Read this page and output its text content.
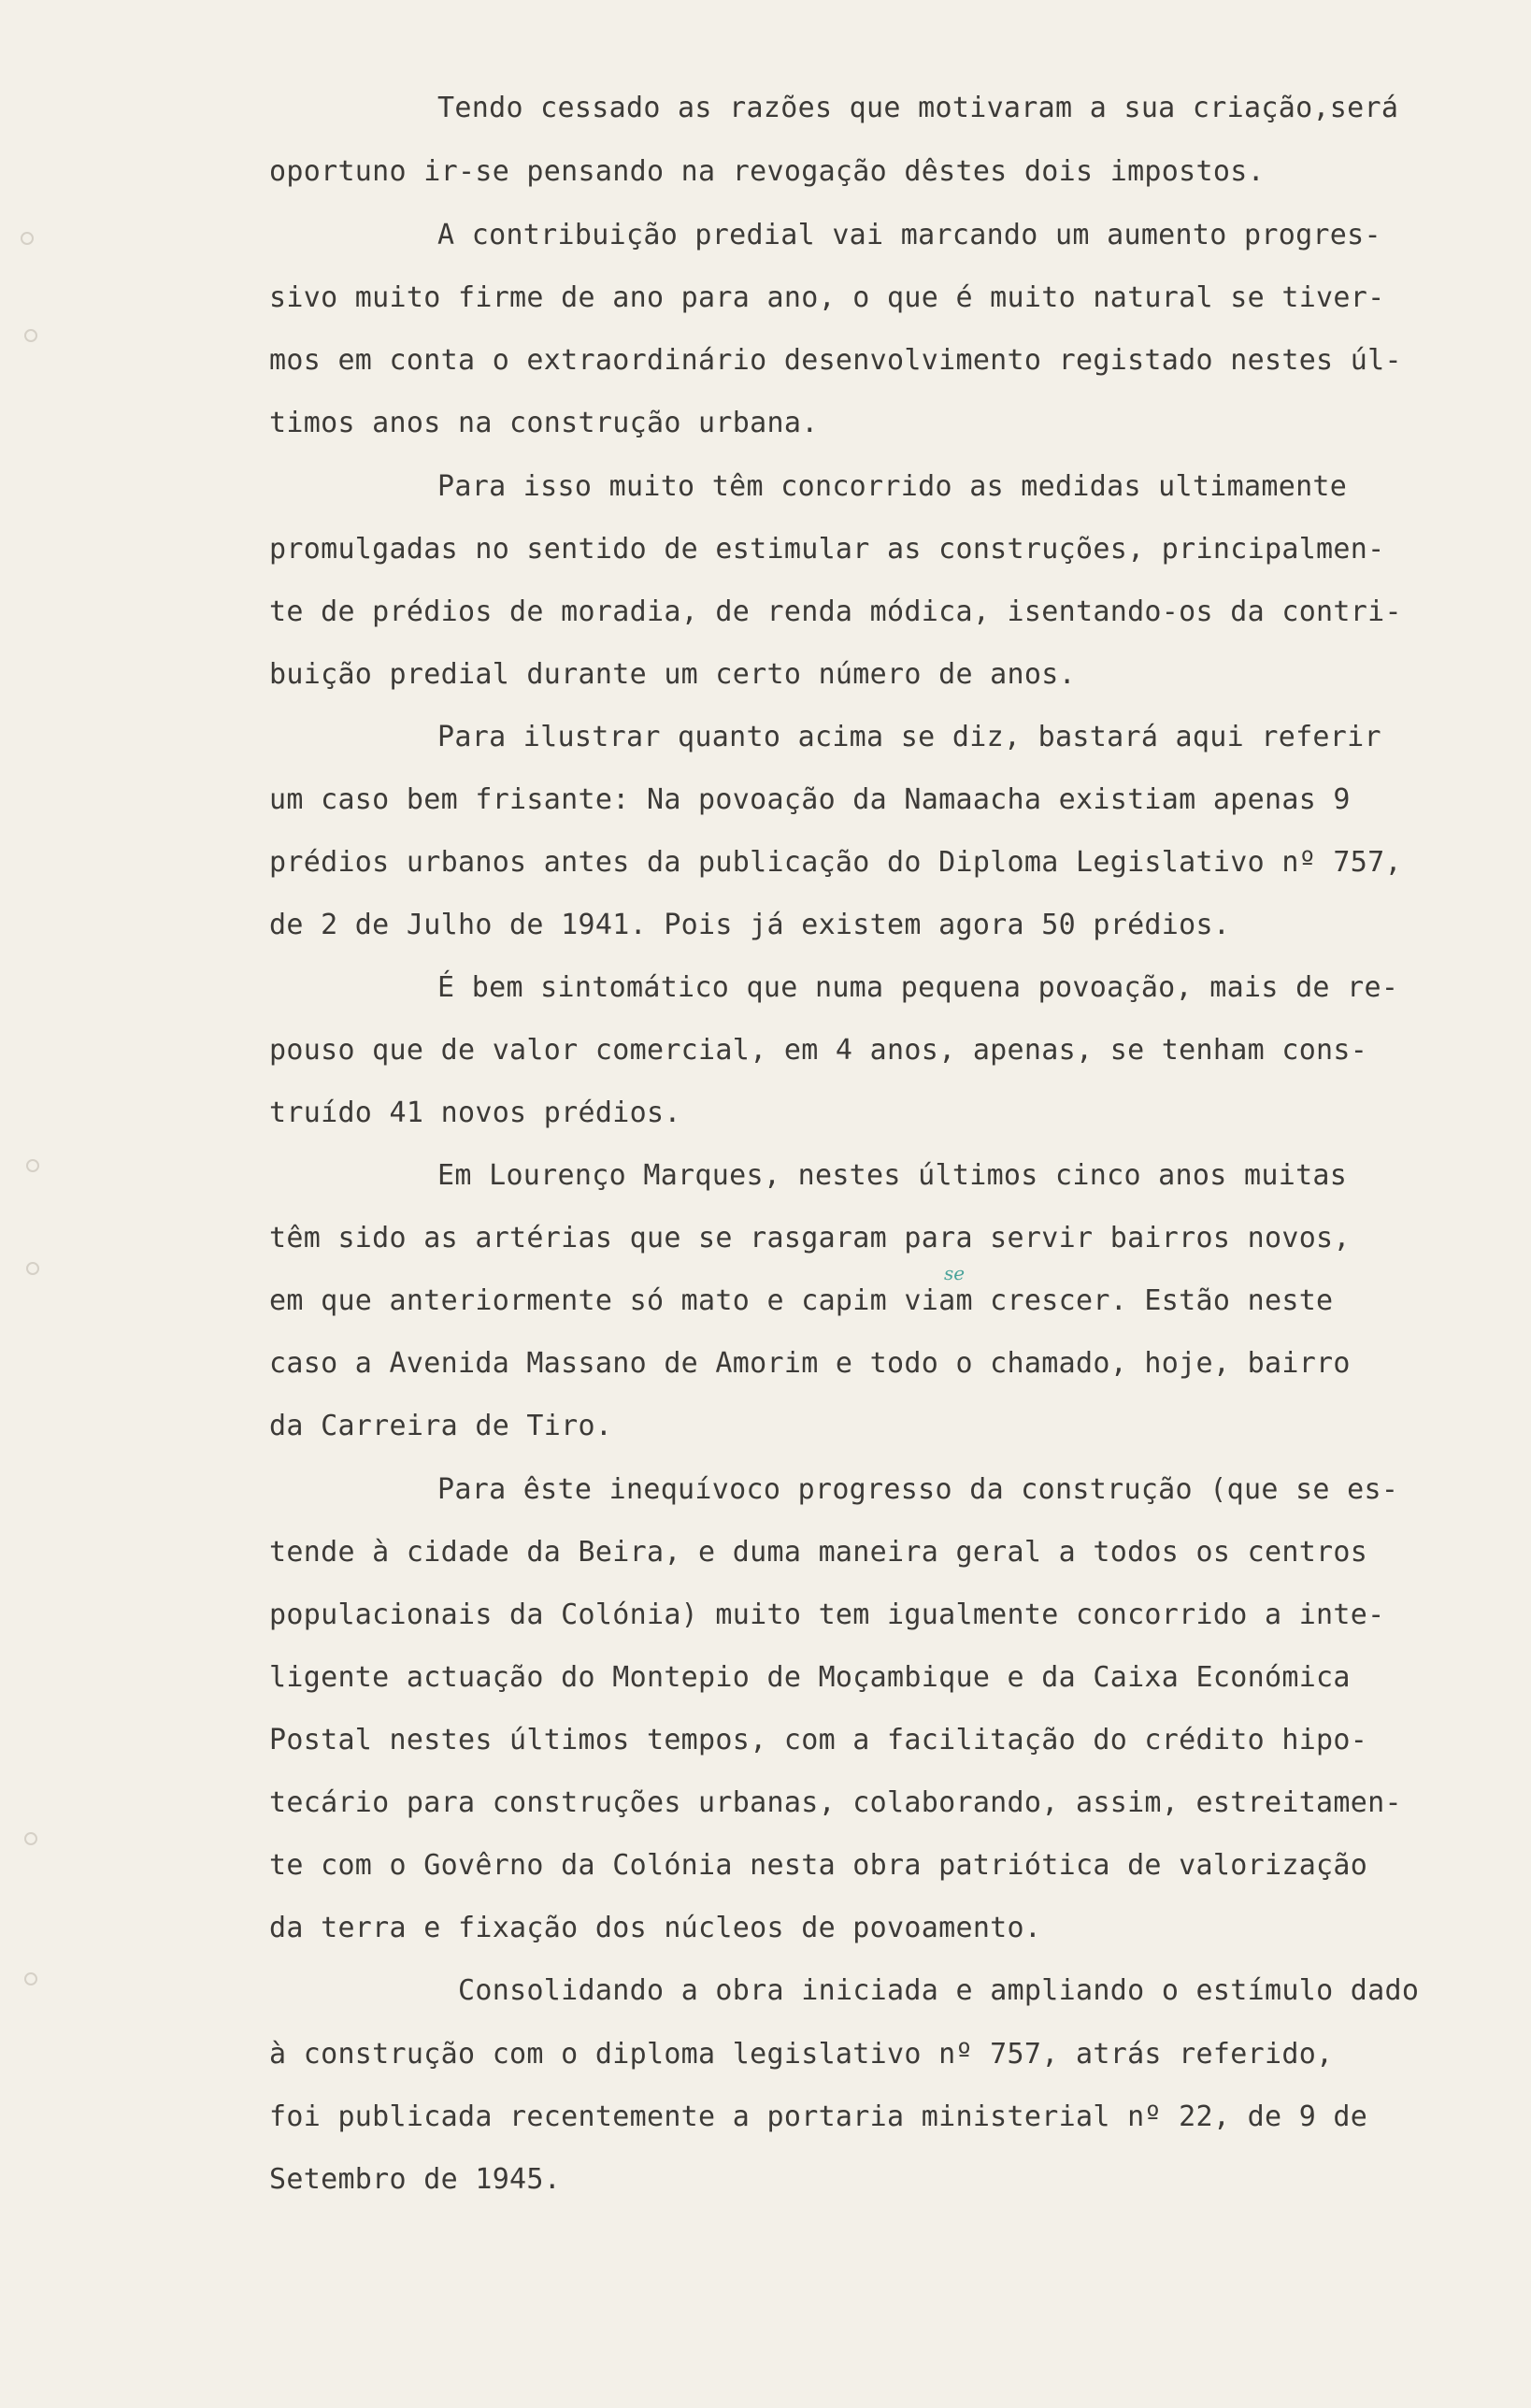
Tendo cessado as razões que motivaram a sua criação,será
oportuno ir-se pensando na revogação dêstes dois impostos.
A contribuição predial vai marcando um aumento progres-
sivo muito firme de ano para ano, o que é muito natural se tiver-
mos em conta o extraordinário desenvolvimento registado nestes úl-
timos anos na construção urbana.
Para isso muito têm concorrido as medidas ultimamente
promulgadas no sentido de estimular as construções, principalmen-
te de prédios de moradia, de renda módica, isentando-os da contri-
buição predial durante um certo número de anos.
Para ilustrar quanto acima se diz, bastará aqui referir
um caso bem frisante: Na povoação da Namaacha existiam apenas 9
prédios urbanos antes da publicação do Diploma Legislativo nº 757,
de 2 de Julho de 1941. Pois já existem agora 50 prédios.
É bem sintomático que numa pequena povoação, mais de re-
pouso que de valor comercial, em 4 anos, apenas, se tenham cons-
truído 41 novos prédios.
Em Lourenço Marques, nestes últimos cinco anos muitas
têm sido as artérias que se rasgaram para servir bairros novos,
em que anteriormente só mato e capim viam crescer. Estão neste
se
caso a Avenida Massano de Amorim e todo o chamado, hoje, bairro
da Carreira de Tiro.
Para êste inequívoco progresso da construção (que se es-
tende à cidade da Beira, e duma maneira geral a todos os centros
populacionais da Colónia) muito tem igualmente concorrido a inte-
ligente actuação do Montepio de Moçambique e da Caixa Económica
Postal nestes últimos tempos, com a facilitação do crédito hipo-
tecário para construções urbanas, colaborando, assim, estreitamen-
te com o Govêrno da Colónia nesta obra patriótica de valorização
da terra e fixação dos núcleos de povoamento.
Consolidando a obra iniciada e ampliando o estímulo dado
à construção com o diploma legislativo nº 757, atrás referido,
foi publicada recentemente a portaria ministerial nº 22, de 9 de
Setembro de 1945.
